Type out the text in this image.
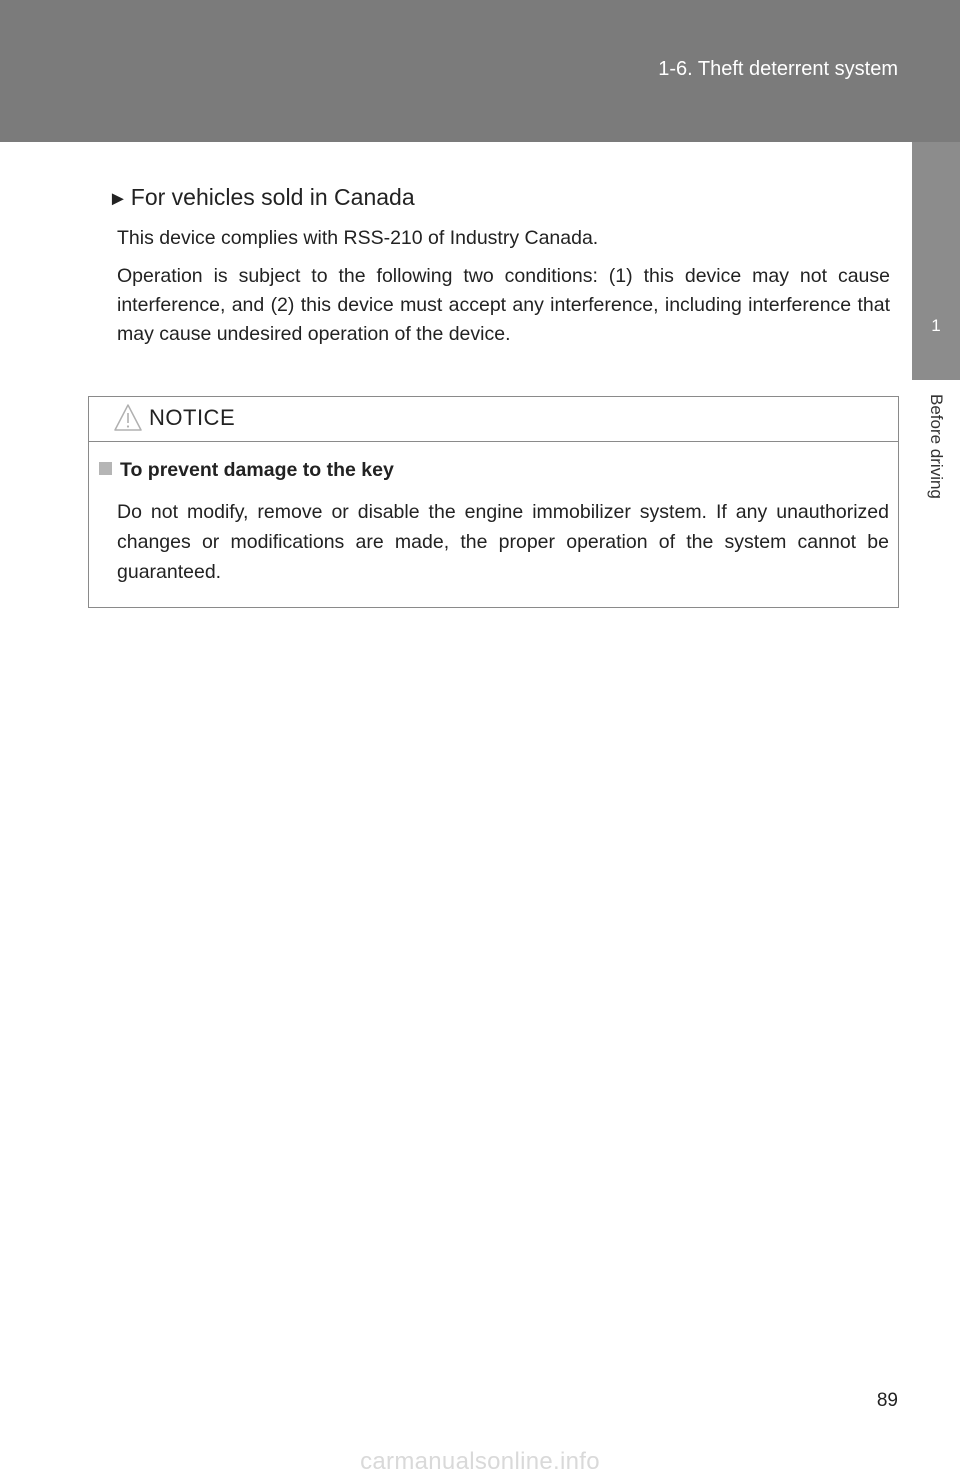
1-6. Theft deterrent system
1
Before driving
► For vehicles sold in Canada

This device complies with RSS-210 of Industry Canada.

Operation is subject to the following two conditions: (1) this device may not cause interference, and (2) this device must accept any interference, including interference that may cause undesired operation of the device.

NOTICE
To prevent damage to the key

Do not modify, remove or disable the engine immobilizer system. If any unauthorized changes or modifications are made, the proper operation of the system cannot be guaranteed.

89
carmanualsonline.info
